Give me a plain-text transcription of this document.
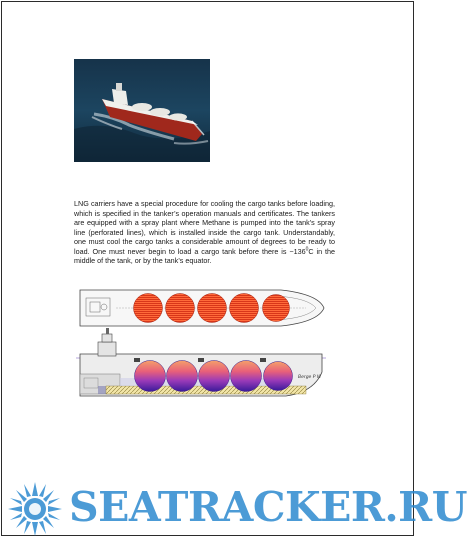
LNG carriers have a special procedure for cooling the cargo tanks before loading, which is specified in the tanker’s operation manuals and certificates. The tankers are equipped with a spray plant where Methane is pumped into the tank’s spray line (perforated lines), which is installed inside the cargo tank. Understandably, one must cool the cargo tanks a considerable amount of degrees to be ready to load. One must never begin to load a cargo tank before there is $-136^0C$ in the middle of the tank, or by the tank’s equator.

Berge P III
SEATRACKER.RU
